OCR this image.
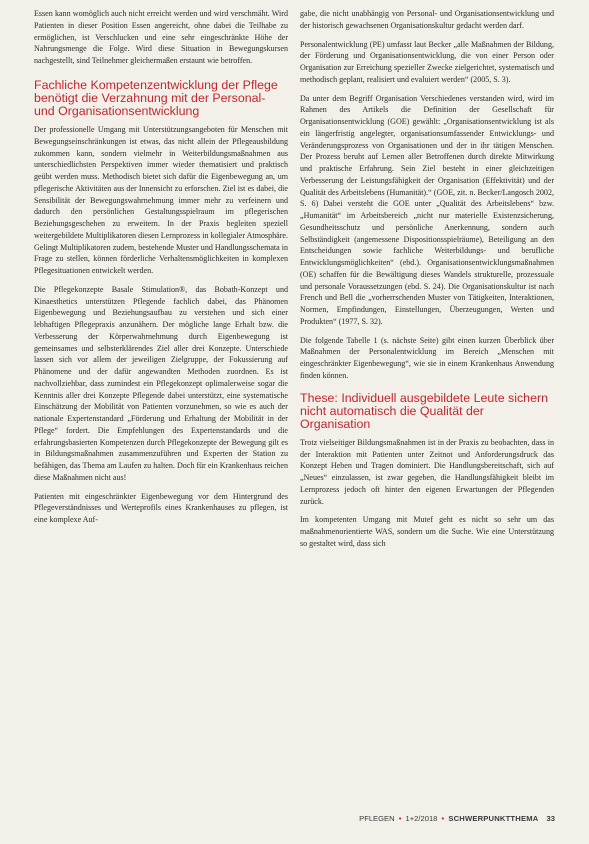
Essen kann womöglich auch nicht erreicht werden und wird verschmäht. Wird Patienten in dieser Position Essen angereicht, ohne dabei die Teilhabe zu ermöglichen, ist Verschlucken und eine sehr eingeschränkte Höhe der Nahrungsmenge die Folge. Wird diese Situation in Bewegungskursen nachgestellt, sind Teilnehmer gleichermaßen erstaunt wie betroffen.

Fachliche Kompetenzentwicklung der Pflege benötigt die Verzahnung mit der Personal- und Organisationsentwicklung

Der professionelle Umgang mit Unterstützungsangeboten für Menschen mit Bewegungseinschränkungen ist etwas, das nicht allein der Pflegeausbildung zukommen kann, sondern vielmehr in Weiterbildungsmaßnahmen aus unterschiedlichsten Perspektiven immer wieder thematisiert und praktisch geübt werden muss. Methodisch bietet sich dafür die Eigenbewegung an, um pflegerische Aktivitäten aus der Innensicht zu erforschen. Ziel ist es dabei, die Sensibilität der Bewegungswahrnehmung immer mehr zu verfeinern und dadurch den persönlichen Gestaltungsspielraum im pflegerischen Beziehungsgeschehen zu erweitern. In der Praxis begleiten speziell weitergebildete Multiplikatoren diesen Lernprozess in kollegialer Atmosphäre. Gelingt Multiplikatoren zudem, bestehende Muster und Handlungsschemata in Frage zu stellen, können förderliche Verhaltensmöglichkeiten in komplexen Pflegesituationen entwickelt werden.

Die Pflegekonzepte Basale Stimulation®, das Bobath-Konzept und Kinaesthetics unterstützen Pflegende fachlich dabei, das Phänomen Eigenbewegung und Beziehungsaufbau zu verstehen und sich einer lebhaftigen Pflegepraxis anzunähern. Der mögliche lange Erhalt bzw. die Verbesserung der Körperwahrnehmung durch Eigenbewegung ist gemeinsames und selbsterklärendes Ziel aller drei Konzepte. Unterschiede lassen sich vor allem der jeweiligen Zielgruppe, der Fokussierung auf Phänomene und der dafür angewandten Methoden zuordnen. Es ist nachvollziehbar, dass zumindest ein Pflegekonzept oplimalerweise sogar die Kenntnis aller drei Konzepte Pflegende dabei unterstützt, eine systematische Einschätzung der Mobilität von Patienten vorzunehmen, so wie es auch der nationale Expertenstandard „Förderung und Erhaltung der Mobilität in der Pflege“ fordert. Die Empfehlungen des Expertenstandards und die erfahrungsbasierten Kompetenzen durch Pflegekonzepte der Bewegung gilt es in Bildungsmaßnahmen zusammenzuführen und Experten der Station zu befähigen, das Thema am Laufen zu halten. Doch für ein Krankenhaus reichen diese Maßnahmen nicht aus!

Patienten mit eingeschränkter Eigenbewegung vor dem Hintergrund des Pflegeverständnisses und Werteprofils eines Krankenhauses zu pflegen, ist eine komplexe Auf-

gabe, die nicht unabhängig von Personal- und Organisationsentwicklung und der historisch gewachsenen Organisationskultur gedacht werden darf.

Personalentwicklung (PE) umfasst laut Becker „alle Maßnahmen der Bildung, der Förderung und Organisationsentwicklung, die von einer Person oder Organisation zur Erreichung spezieller Zwecke zielgerichtet, systematisch und methodisch geplant, realisiert und evaluiert werden“ (2005, S. 3).

Da unter dem Begriff Organisation Verschiedenes verstanden wird, wird im Rahmen des Artikels die Definition der Gesellschaft für Organisationsentwicklung (GOE) gewählt: „Organisationsentwicklung ist als ein längerfristig angelegter, organisationsumfassender Entwicklungs- und Veränderungsprozess von Organisationen und der in ihr tätigen Menschen. Der Prozess beruht auf Lernen aller Betroffenen durch direkte Mitwirkung und praktische Erfahrung. Sein Ziel besteht in einer gleichzeitigen Verbesserung der Leistungsfähigkeit der Organisation (Effektivität) und der Qualität des Arbeitslebens (Humanität).“ (GOE, zit. n. Becker/Langosch 2002, S. 6) Dabei versteht die GOE unter „Qualität des Arbeitslebens“ bzw. „Humanität“ im Arbeitsbereich „nicht nur materielle Existenzsicherung, Gesundheitsschutz und persönliche Anerkennung, sondern auch Selbständigkeit (angemessene Dispositionsspielräume), Beteiligung an den Entscheidungen sowie fachliche Weiterbildungs- und berufliche Entwicklungsmöglichkeiten“ (ebd.). Organisationsentwicklungsmaßnahmen (OE) schaffen für die Bewältigung dieses Wandels strukturelle, prozessuale und personale Voraussetzungen (ebd. S. 24). Die Organisationskultur ist nach French und Bell die „vorherrschenden Muster von Tätigkeiten, Interaktionen, Normen, Empfindungen, Einstellungen, Überzeugungen, Werten und Produkten“ (1977, S. 32).

Die folgende Tabelle 1 (s. nächste Seite) gibt einen kurzen Überblick über Maßnahmen der Personalentwicklung im Bereich „Menschen mit eingeschränkter Eigenbewegung“, wie sie in einem Krankenhaus Anwendung finden können.

These: Individuell ausgebildete Leute sichern nicht automatisch die Qualität der Organisation

Trotz vielseitiger Bildungsmaßnahmen ist in der Praxis zu beobachten, dass in der Interaktion mit Patienten unter Zeitnot und Anforderungsdruck das Konzept Heben und Tragen dominiert. Die Handlungsbereitschaft, sich auf „Neues“ einzulassen, ist zwar gegeben, die Handlungsfähigkeit bleibt im Lernprozess jedoch oft hinter den eigenen Erwartungen der Pflegenden zurück.

Im kompetenten Umgang mit Mutef geht es nicht so sehr um das maßnahmenorientierte WAS, sondern um die Suche. Wie eine Unterstützung so gestaltet wird, dass sich

PFLEGEN • 1+2/2018 • SCHWERPUNKTTHEMA 33
